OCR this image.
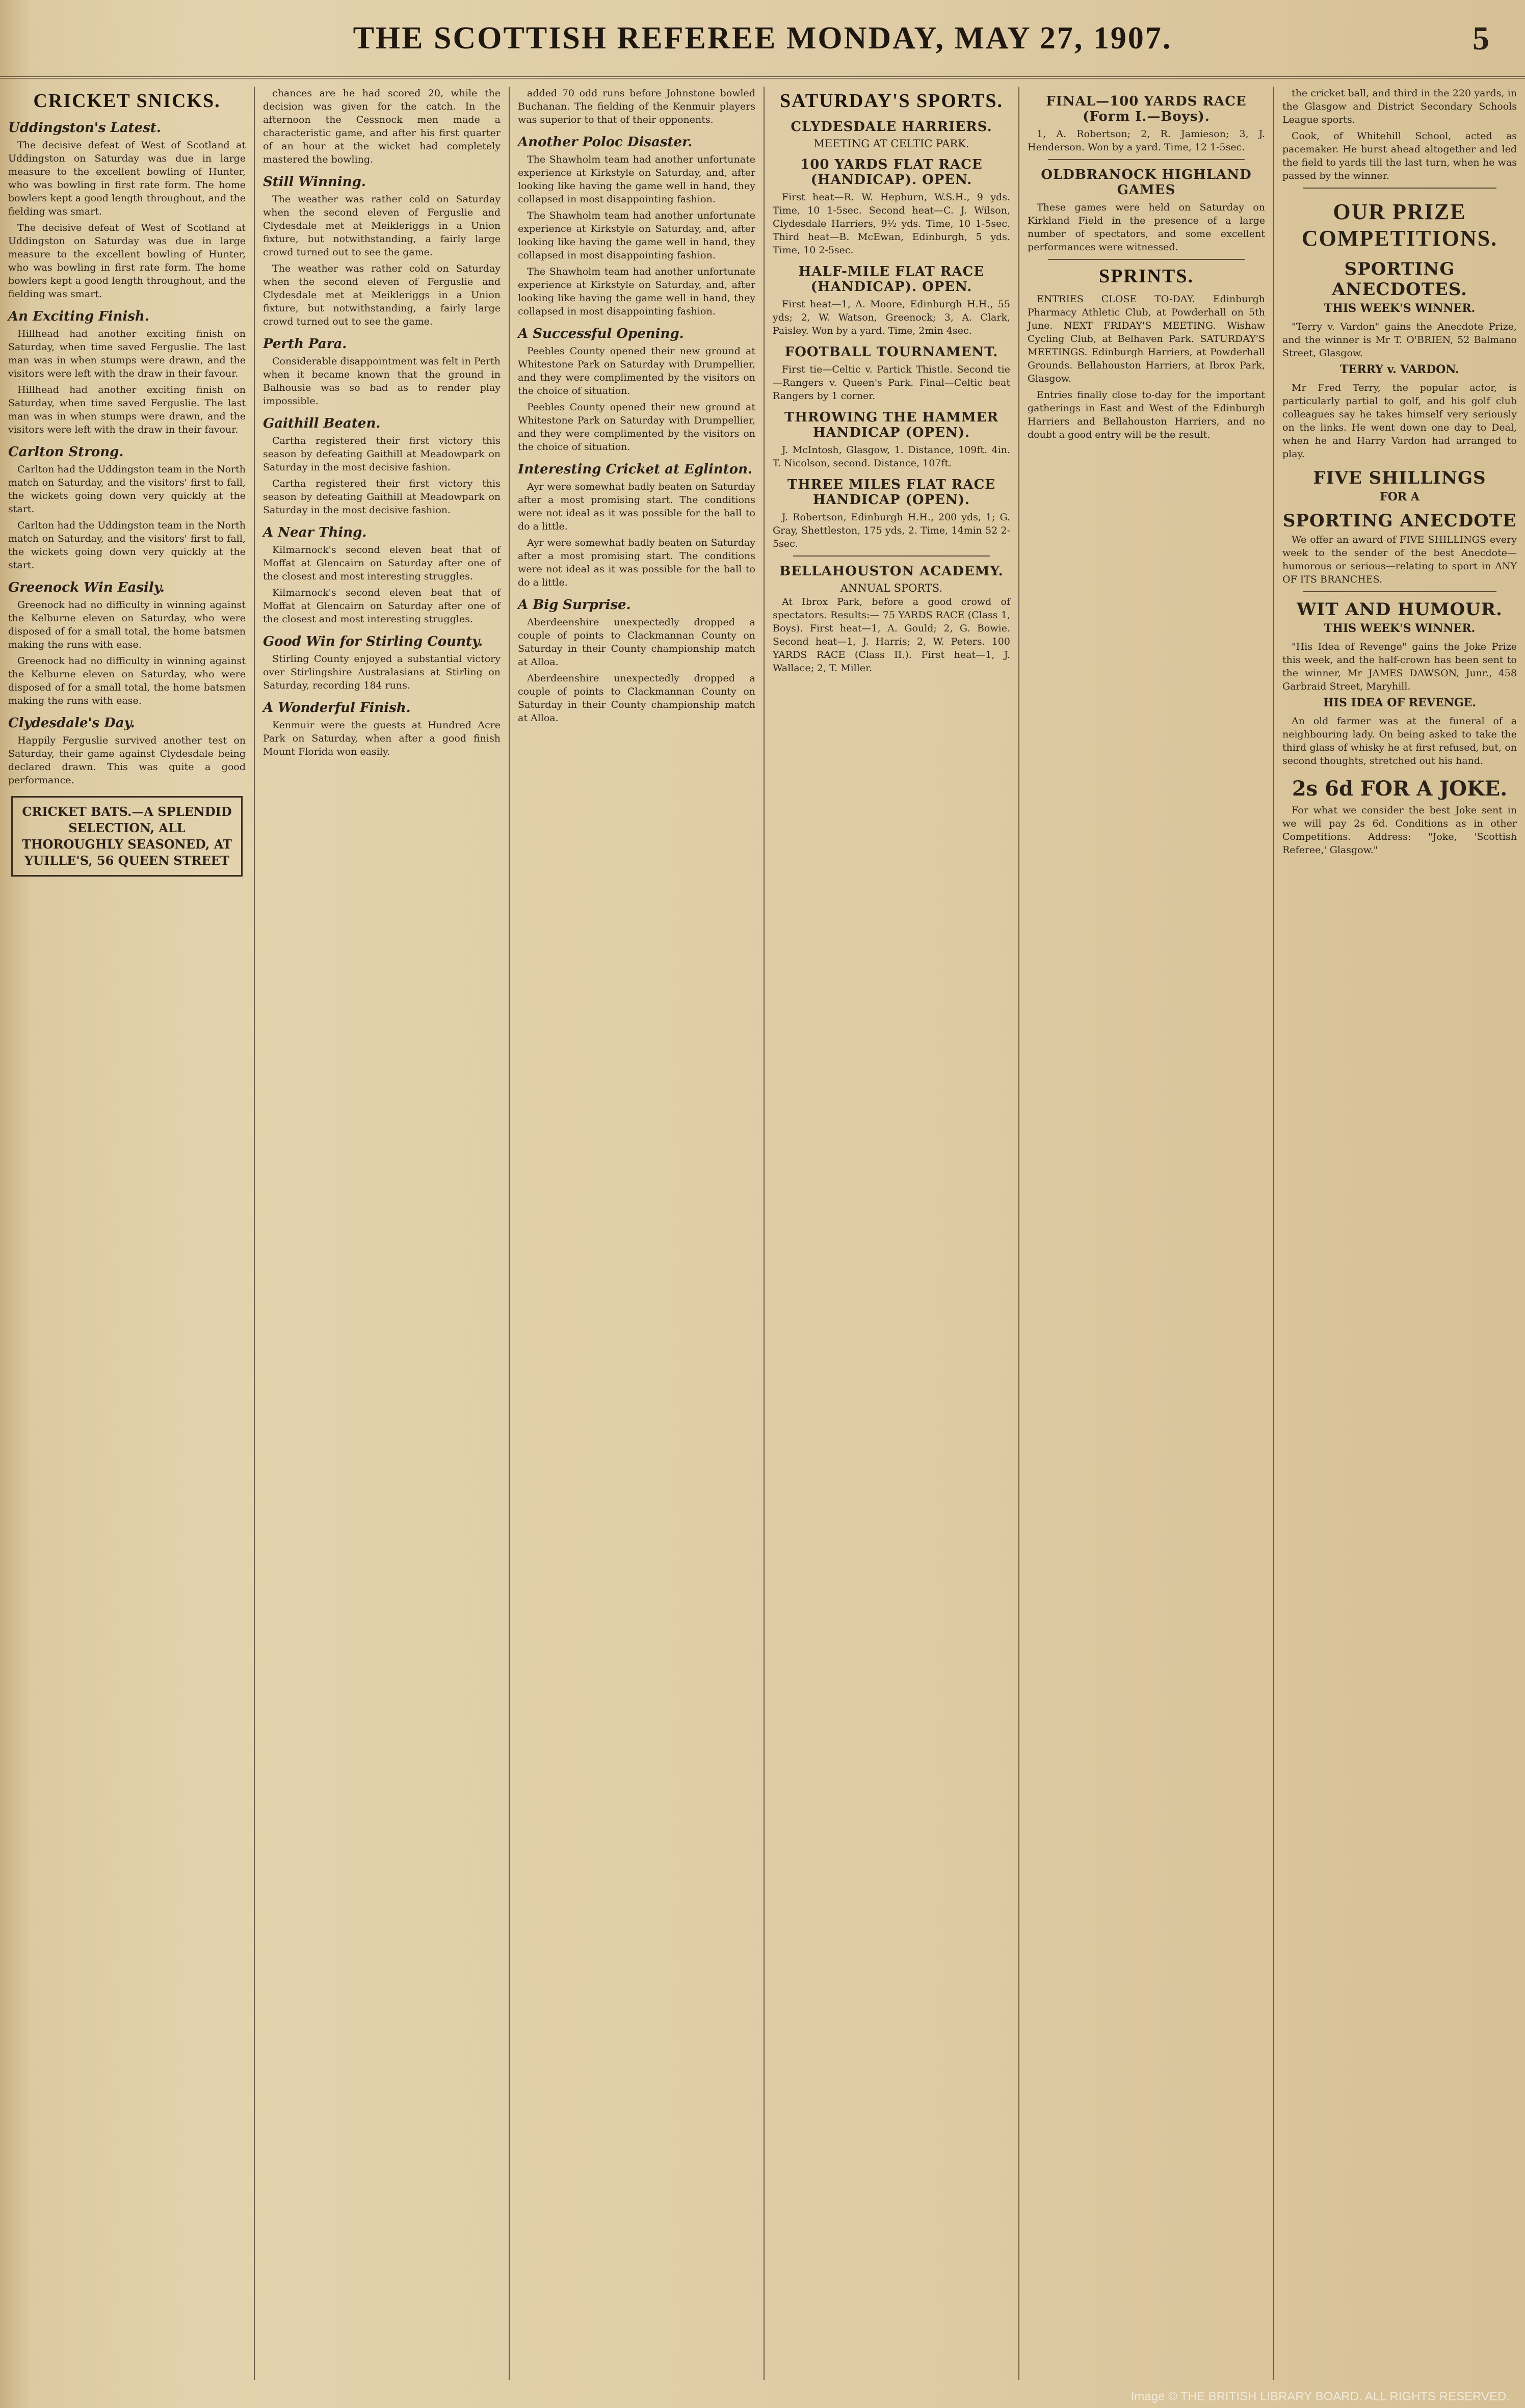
THE SCOTTISH REFEREE MONDAY, MAY 27, 1907.	5
CRICKET SNICKS.
Uddingston's Latest.

The decisive defeat of West of Scotland at Uddingston on Saturday was due in large measure to the excellent bowling of Hunter, who was bowling in first rate form. The home bowlers kept a good length throughout, and the fielding was smart.

The decisive defeat of West of Scotland at Uddingston on Saturday was due in large measure to the excellent bowling of Hunter, who was bowling in first rate form. The home bowlers kept a good length throughout, and the fielding was smart.

An Exciting Finish.

Hillhead had another exciting finish on Saturday, when time saved Ferguslie. The last man was in when stumps were drawn, and the visitors were left with the draw in their favour.

Hillhead had another exciting finish on Saturday, when time saved Ferguslie. The last man was in when stumps were drawn, and the visitors were left with the draw in their favour.

Carlton Strong.

Carlton had the Uddingston team in the North match on Saturday, and the visitors' first to fall, the wickets going down very quickly at the start.

Carlton had the Uddingston team in the North match on Saturday, and the visitors' first to fall, the wickets going down very quickly at the start.

Greenock Win Easily.

Greenock had no difficulty in winning against the Kelburne eleven on Saturday, who were disposed of for a small total, the home batsmen making the runs with ease.

Greenock had no difficulty in winning against the Kelburne eleven on Saturday, who were disposed of for a small total, the home batsmen making the runs with ease.

Clydesdale's Day.

Happily Ferguslie survived another test on Saturday, their game against Clydesdale being declared drawn. This was quite a good performance.

CRICKET BATS.—A SPLENDID SELECTION, ALL THOROUGHLY SEASONED, AT YUILLE'S, 56 QUEEN STREET

chances are he had scored 20, while the decision was given for the catch. In the afternoon the Cessnock men made a characteristic game, and after his first quarter of an hour at the wicket had completely mastered the bowling.

Still Winning.

The weather was rather cold on Saturday when the second eleven of Ferguslie and Clydesdale met at Meikleriggs in a Union fixture, but notwithstanding, a fairly large crowd turned out to see the game.

The weather was rather cold on Saturday when the second eleven of Ferguslie and Clydesdale met at Meikleriggs in a Union fixture, but notwithstanding, a fairly large crowd turned out to see the game.

Perth Para.

Considerable disappointment was felt in Perth when it became known that the ground in Balhousie was so bad as to render play impossible.

Gaithill Beaten.

Cartha registered their first victory this season by defeating Gaithill at Meadowpark on Saturday in the most decisive fashion.

Cartha registered their first victory this season by defeating Gaithill at Meadowpark on Saturday in the most decisive fashion.

A Near Thing.

Kilmarnock's second eleven beat that of Moffat at Glencairn on Saturday after one of the closest and most interesting struggles.

Kilmarnock's second eleven beat that of Moffat at Glencairn on Saturday after one of the closest and most interesting struggles.

Good Win for Stirling County.

Stirling County enjoyed a substantial victory over Stirlingshire Australasians at Stirling on Saturday, recording 184 runs.

A Wonderful Finish.

Kenmuir were the guests at Hundred Acre Park on Saturday, when after a good finish Mount Florida won easily.

added 70 odd runs before Johnstone bowled Buchanan. The fielding of the Kenmuir players was superior to that of their opponents.

Another Poloc Disaster.

The Shawholm team had another unfortunate experience at Kirkstyle on Saturday, and, after looking like having the game well in hand, they collapsed in most disappointing fashion.

The Shawholm team had another unfortunate experience at Kirkstyle on Saturday, and, after looking like having the game well in hand, they collapsed in most disappointing fashion.

The Shawholm team had another unfortunate experience at Kirkstyle on Saturday, and, after looking like having the game well in hand, they collapsed in most disappointing fashion.

A Successful Opening.

Peebles County opened their new ground at Whitestone Park on Saturday with Drumpellier, and they were complimented by the visitors on the choice of situation.

Peebles County opened their new ground at Whitestone Park on Saturday with Drumpellier, and they were complimented by the visitors on the choice of situation.

Interesting Cricket at Eglinton.

Ayr were somewhat badly beaten on Saturday after a most promising start. The conditions were not ideal as it was possible for the ball to do a little.

Ayr were somewhat badly beaten on Saturday after a most promising start. The conditions were not ideal as it was possible for the ball to do a little.

A Big Surprise.

Aberdeenshire unexpectedly dropped a couple of points to Clackmannan County on Saturday in their County championship match at Alloa.

Aberdeenshire unexpectedly dropped a couple of points to Clackmannan County on Saturday in their County championship match at Alloa.

SATURDAY'S SPORTS.
CLYDESDALE HARRIERS.
MEETING AT CELTIC PARK.
100 YARDS FLAT RACE (HANDICAP). OPEN.

First heat—R. W. Hepburn, W.S.H., 9 yds. Time, 10 1-5sec. Second heat—C. J. Wilson, Clydesdale Harriers, 9½ yds. Time, 10 1-5sec. Third heat—B. McEwan, Edinburgh, 5 yds. Time, 10 2-5sec.

HALF-MILE FLAT RACE (HANDICAP). OPEN.

First heat—1, A. Moore, Edinburgh H.H., 55 yds; 2, W. Watson, Greenock; 3, A. Clark, Paisley. Won by a yard. Time, 2min 4sec.

FOOTBALL TOURNAMENT.

First tie—Celtic v. Partick Thistle. Second tie—Rangers v. Queen's Park. Final—Celtic beat Rangers by 1 corner.

THROWING THE HAMMER HANDICAP (OPEN).

J. McIntosh, Glasgow, 1. Distance, 109ft. 4in. T. Nicolson, second. Distance, 107ft.

THREE MILES FLAT RACE HANDICAP (OPEN).

J. Robertson, Edinburgh H.H., 200 yds, 1; G. Gray, Shettleston, 175 yds, 2. Time, 14min 52 2-5sec.

BELLAHOUSTON ACADEMY.
ANNUAL SPORTS.

At Ibrox Park, before a good crowd of spectators. Results:— 75 YARDS RACE (Class 1, Boys). First heat—1, A. Gould; 2, G. Bowie. Second heat—1, J. Harris; 2, W. Peters. 100 YARDS RACE (Class II.). First heat—1, J. Wallace; 2, T. Miller.

FINAL—100 YARDS RACE (Form I.—Boys).

1, A. Robertson; 2, R. Jamieson; 3, J. Henderson. Won by a yard. Time, 12 1-5sec.

OLDBRANOCK HIGHLAND GAMES

These games were held on Saturday on Kirkland Field in the presence of a large number of spectators, and some excellent performances were witnessed.

SPRINTS.

ENTRIES CLOSE TO-DAY. Edinburgh Pharmacy Athletic Club, at Powderhall on 5th June. NEXT FRIDAY'S MEETING. Wishaw Cycling Club, at Belhaven Park. SATURDAY'S MEETINGS. Edinburgh Harriers, at Powderhall Grounds. Bellahouston Harriers, at Ibrox Park, Glasgow.

Entries finally close to-day for the important gatherings in East and West of the Edinburgh Harriers and Bellahouston Harriers, and no doubt a good entry will be the result.

the cricket ball, and third in the 220 yards, in the Glasgow and District Secondary Schools League sports.

Cook, of Whitehill School, acted as pacemaker. He burst ahead altogether and led the field to yards till the last turn, when he was passed by the winner.

OUR PRIZE COMPETITIONS.
SPORTING ANECDOTES.
THIS WEEK'S WINNER.

"Terry v. Vardon" gains the Anecdote Prize, and the winner is Mr T. O'BRIEN, 52 Balmano Street, Glasgow.

TERRY v. VARDON.

Mr Fred Terry, the popular actor, is particularly partial to golf, and his golf club colleagues say he takes himself very seriously on the links. He went down one day to Deal, when he and Harry Vardon had arranged to play.

FIVE SHILLINGS
FOR A
SPORTING ANECDOTE

We offer an award of FIVE SHILLINGS every week to the sender of the best Anecdote—humorous or serious—relating to sport in ANY OF ITS BRANCHES.

WIT AND HUMOUR.
THIS WEEK'S WINNER.

"His Idea of Revenge" gains the Joke Prize this week, and the half-crown has been sent to the winner, Mr JAMES DAWSON, Junr., 458 Garbraid Street, Maryhill.

HIS IDEA OF REVENGE.

An old farmer was at the funeral of a neighbouring lady. On being asked to take the third glass of whisky he at first refused, but, on second thoughts, stretched out his hand.

2s 6d FOR A JOKE.

For what we consider the best Joke sent in we will pay 2s 6d. Conditions as in other Competitions. Address: "Joke, 'Scottish Referee,' Glasgow."

Image © THE BRITISH LIBRARY BOARD. ALL RIGHTS RESERVED.
